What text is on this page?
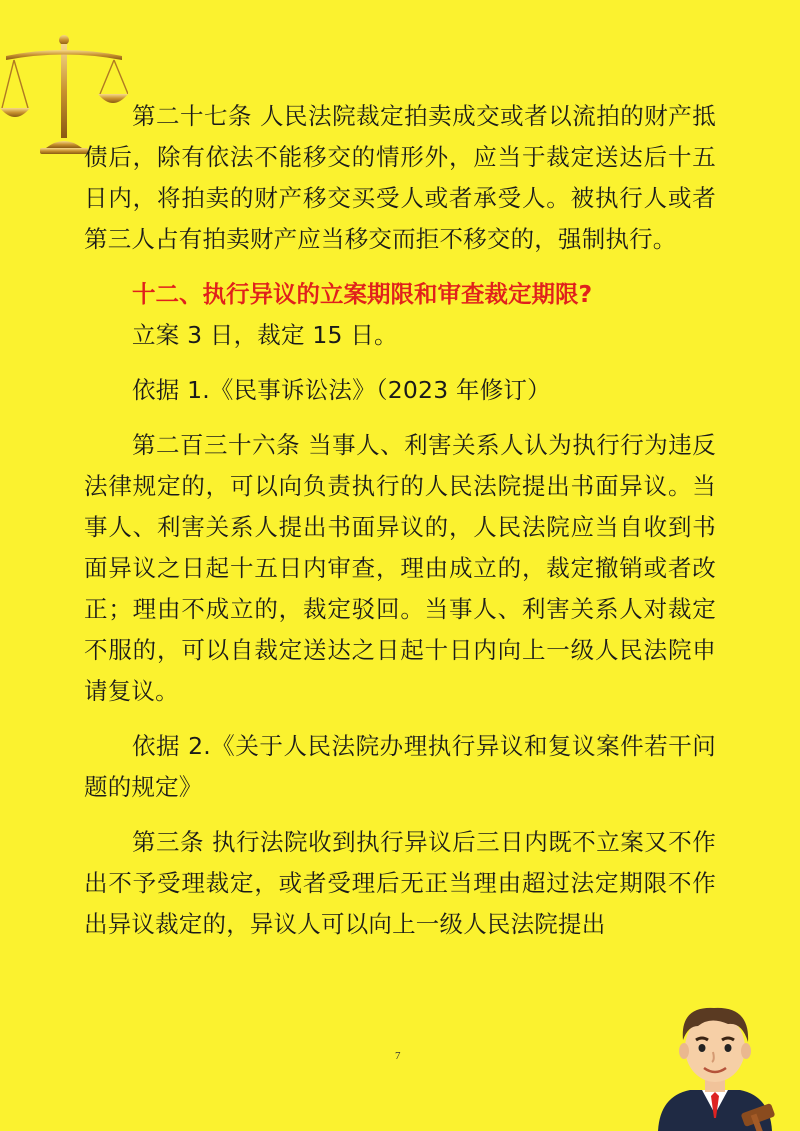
第二十七条 人民法院裁定拍卖成交或者以流拍的财产抵债后，除有依法不能移交的情形外，应当于裁定送达后十五日内，将拍卖的财产移交买受人或者承受人。被执行人或者第三人占有拍卖财产应当移交而拒不移交的，强制执行。

十二、执行异议的立案期限和审查裁定期限?

立案 3 日，裁定 15 日。

依据 1.《民事诉讼法》（2023 年修订）

第二百三十六条 当事人、利害关系人认为执行行为违反法律规定的，可以向负责执行的人民法院提出书面异议。当事人、利害关系人提出书面异议的，人民法院应当自收到书面异议之日起十五日内审查，理由成立的，裁定撤销或者改正；理由不成立的，裁定驳回。当事人、利害关系人对裁定不服的，可以自裁定送达之日起十日内向上一级人民法院申请复议。

依据 2.《关于人民法院办理执行异议和复议案件若干问题的规定》

第三条 执行法院收到执行异议后三日内既不立案又不作出不予受理裁定，或者受理后无正当理由超过法定期限不作出异议裁定的，异议人可以向上一级人民法院提出

7
